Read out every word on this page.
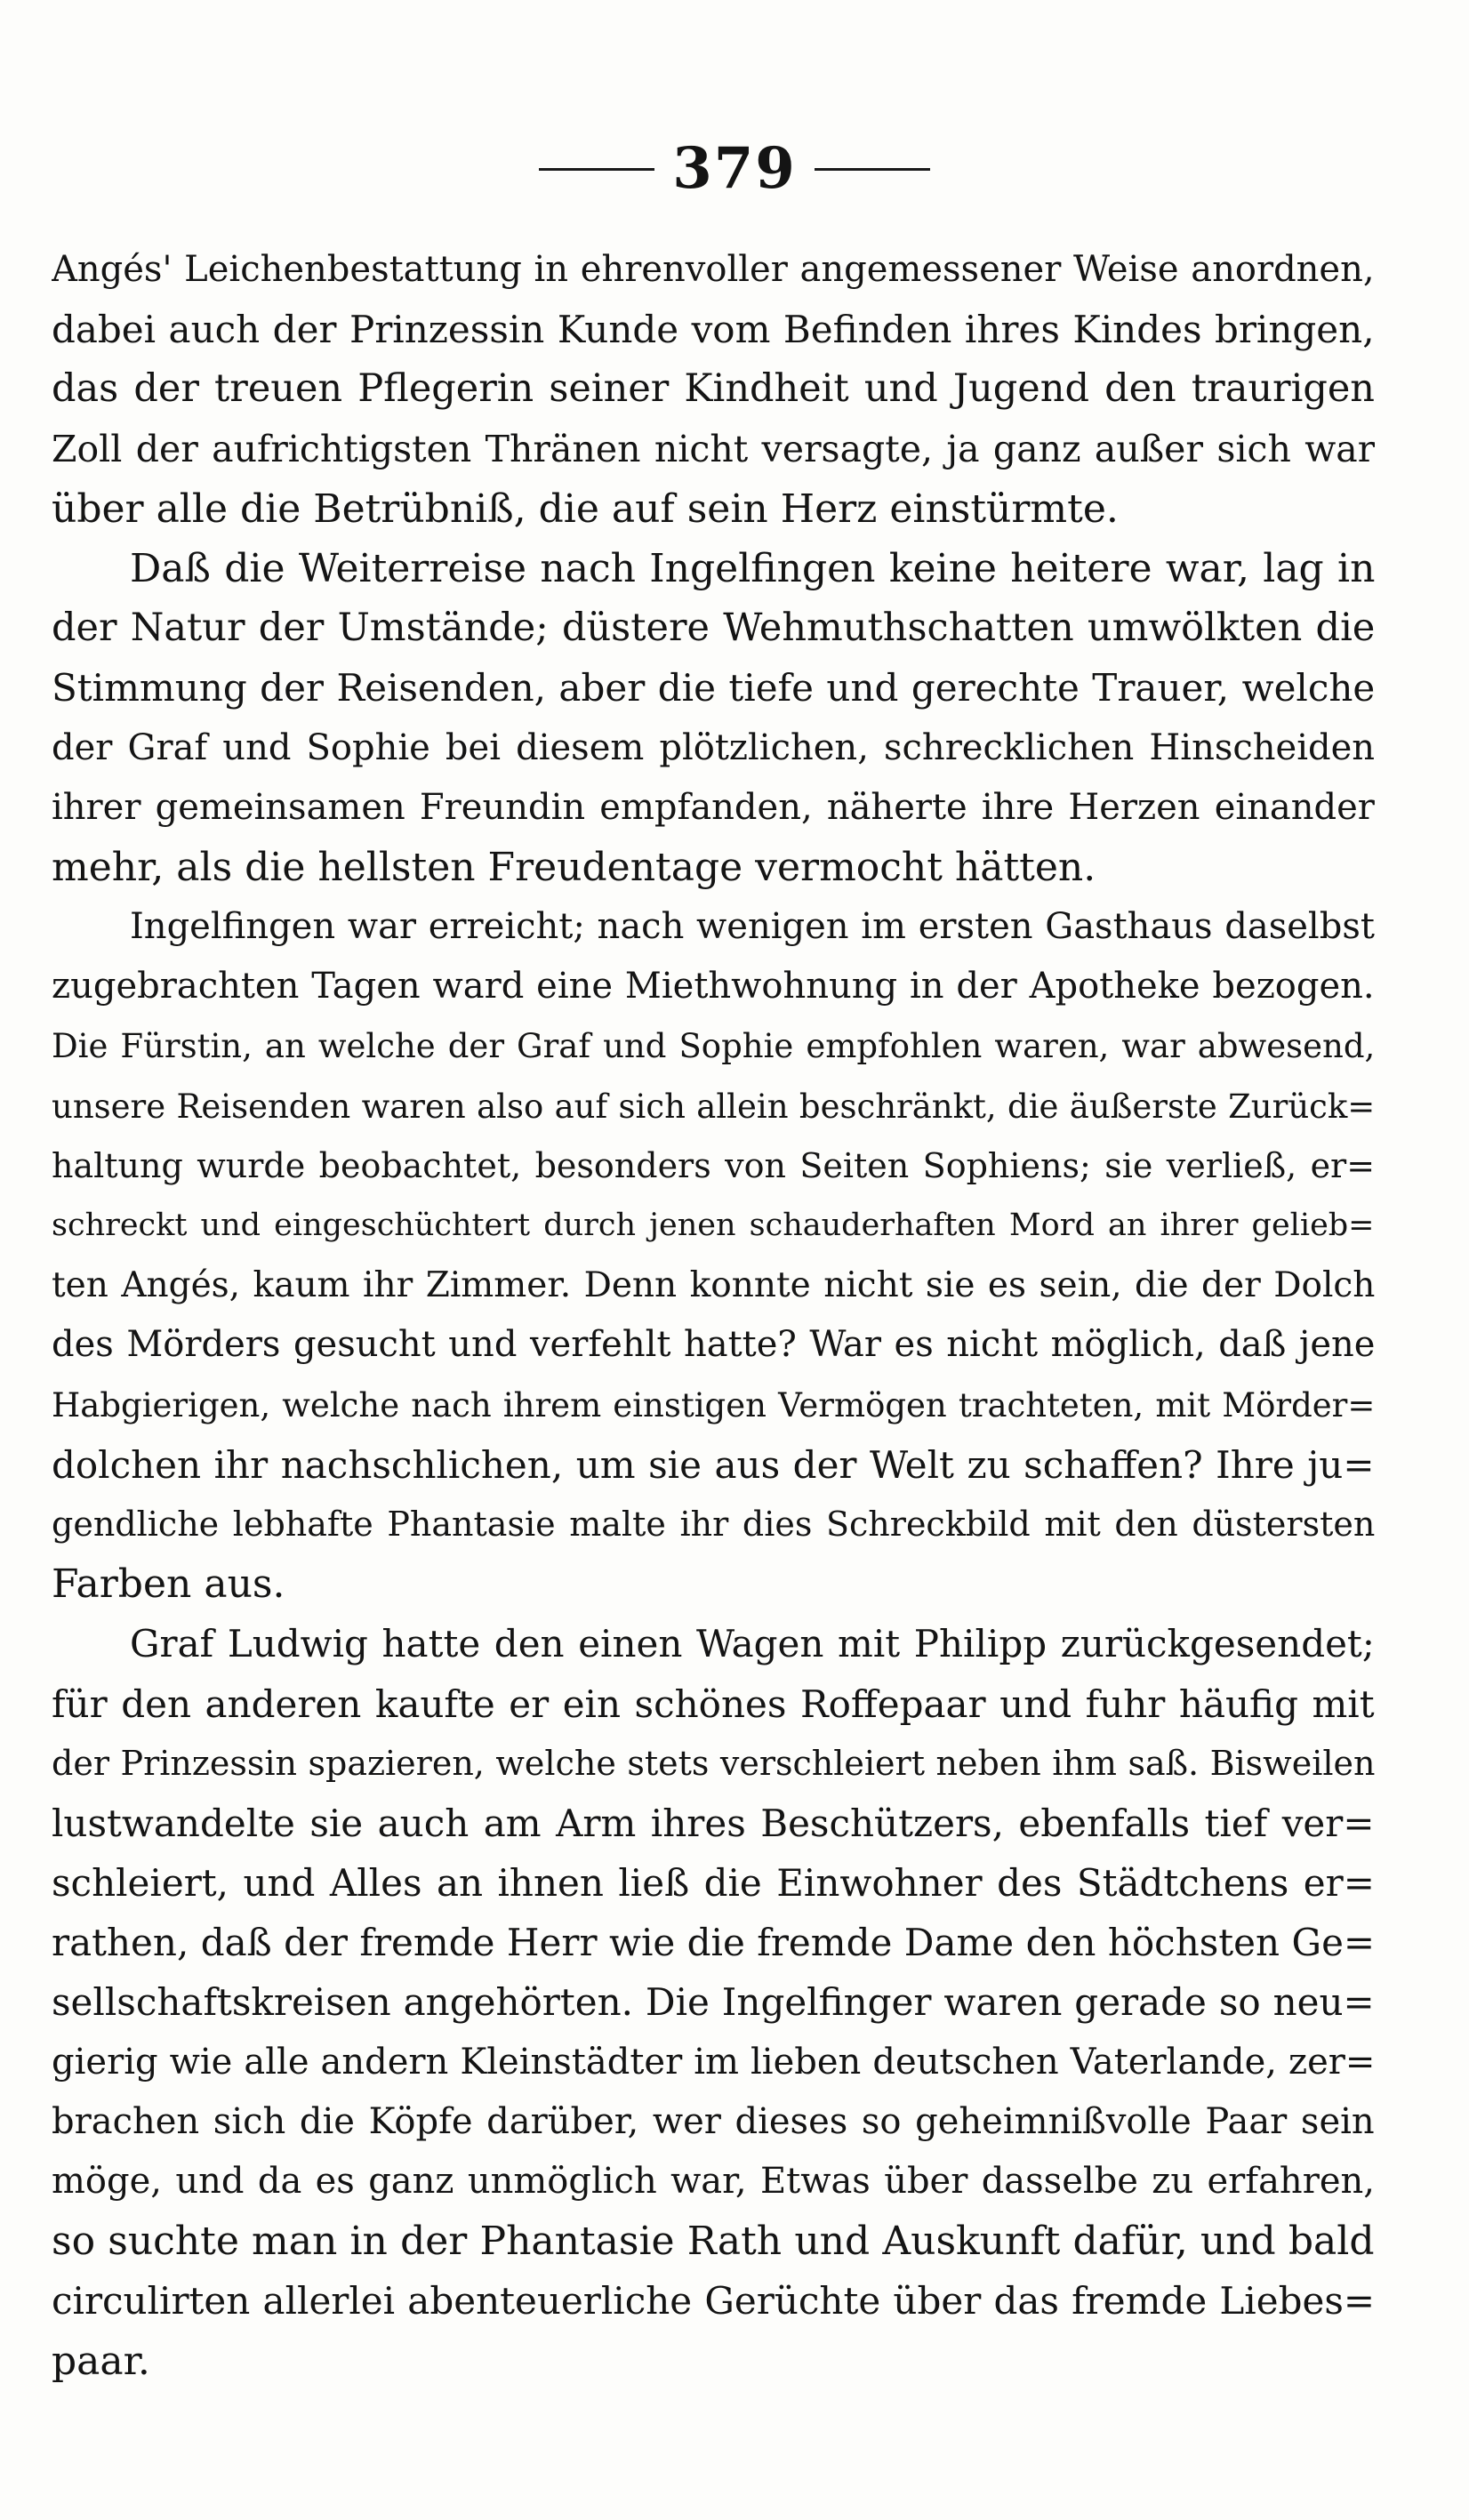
379
Angés' Leichenbestattung in ehrenvoller angemessener Weise anordnen,
dabei auch der Prinzessin Kunde vom Befinden ihres Kindes bringen,
das der treuen Pflegerin seiner Kindheit und Jugend den traurigen
Zoll der aufrichtigsten Thränen nicht versagte, ja ganz außer sich war
über alle die Betrübniß, die auf sein Herz einstürmte.
Daß die Weiterreise nach Ingelfingen keine heitere war, lag in
der Natur der Umstände; düstere Wehmuthschatten umwölkten die
Stimmung der Reisenden, aber die tiefe und gerechte Trauer, welche
der Graf und Sophie bei diesem plötzlichen, schrecklichen Hinscheiden
ihrer gemeinsamen Freundin empfanden, näherte ihre Herzen einander
mehr, als die hellsten Freudentage vermocht hätten.
Ingelfingen war erreicht; nach wenigen im ersten Gasthaus daselbst
zugebrachten Tagen ward eine Miethwohnung in der Apotheke bezogen.
Die Fürstin, an welche der Graf und Sophie empfohlen waren, war abwesend,
unsere Reisenden waren also auf sich allein beschränkt, die äußerste Zurück=
haltung wurde beobachtet, besonders von Seiten Sophiens; sie verließ, er=
schreckt und eingeschüchtert durch jenen schauderhaften Mord an ihrer gelieb=
ten Angés, kaum ihr Zimmer. Denn konnte nicht sie es sein, die der Dolch
des Mörders gesucht und verfehlt hatte? War es nicht möglich, daß jene
Habgierigen, welche nach ihrem einstigen Vermögen trachteten, mit Mörder=
dolchen ihr nachschlichen, um sie aus der Welt zu schaffen? Ihre ju=
gendliche lebhafte Phantasie malte ihr dies Schreckbild mit den düstersten
Farben aus.
Graf Ludwig hatte den einen Wagen mit Philipp zurückgesendet;
für den anderen kaufte er ein schönes Roffepaar und fuhr häufig mit
der Prinzessin spazieren, welche stets verschleiert neben ihm saß. Bisweilen
lustwandelte sie auch am Arm ihres Beschützers, ebenfalls tief ver=
schleiert, und Alles an ihnen ließ die Einwohner des Städtchens er=
rathen, daß der fremde Herr wie die fremde Dame den höchsten Ge=
sellschaftskreisen angehörten. Die Ingelfinger waren gerade so neu=
gierig wie alle andern Kleinstädter im lieben deutschen Vaterlande, zer=
brachen sich die Köpfe darüber, wer dieses so geheimnißvolle Paar sein
möge, und da es ganz unmöglich war, Etwas über dasselbe zu erfahren,
so suchte man in der Phantasie Rath und Auskunft dafür, und bald
circulirten allerlei abenteuerliche Gerüchte über das fremde Liebes=
paar.
